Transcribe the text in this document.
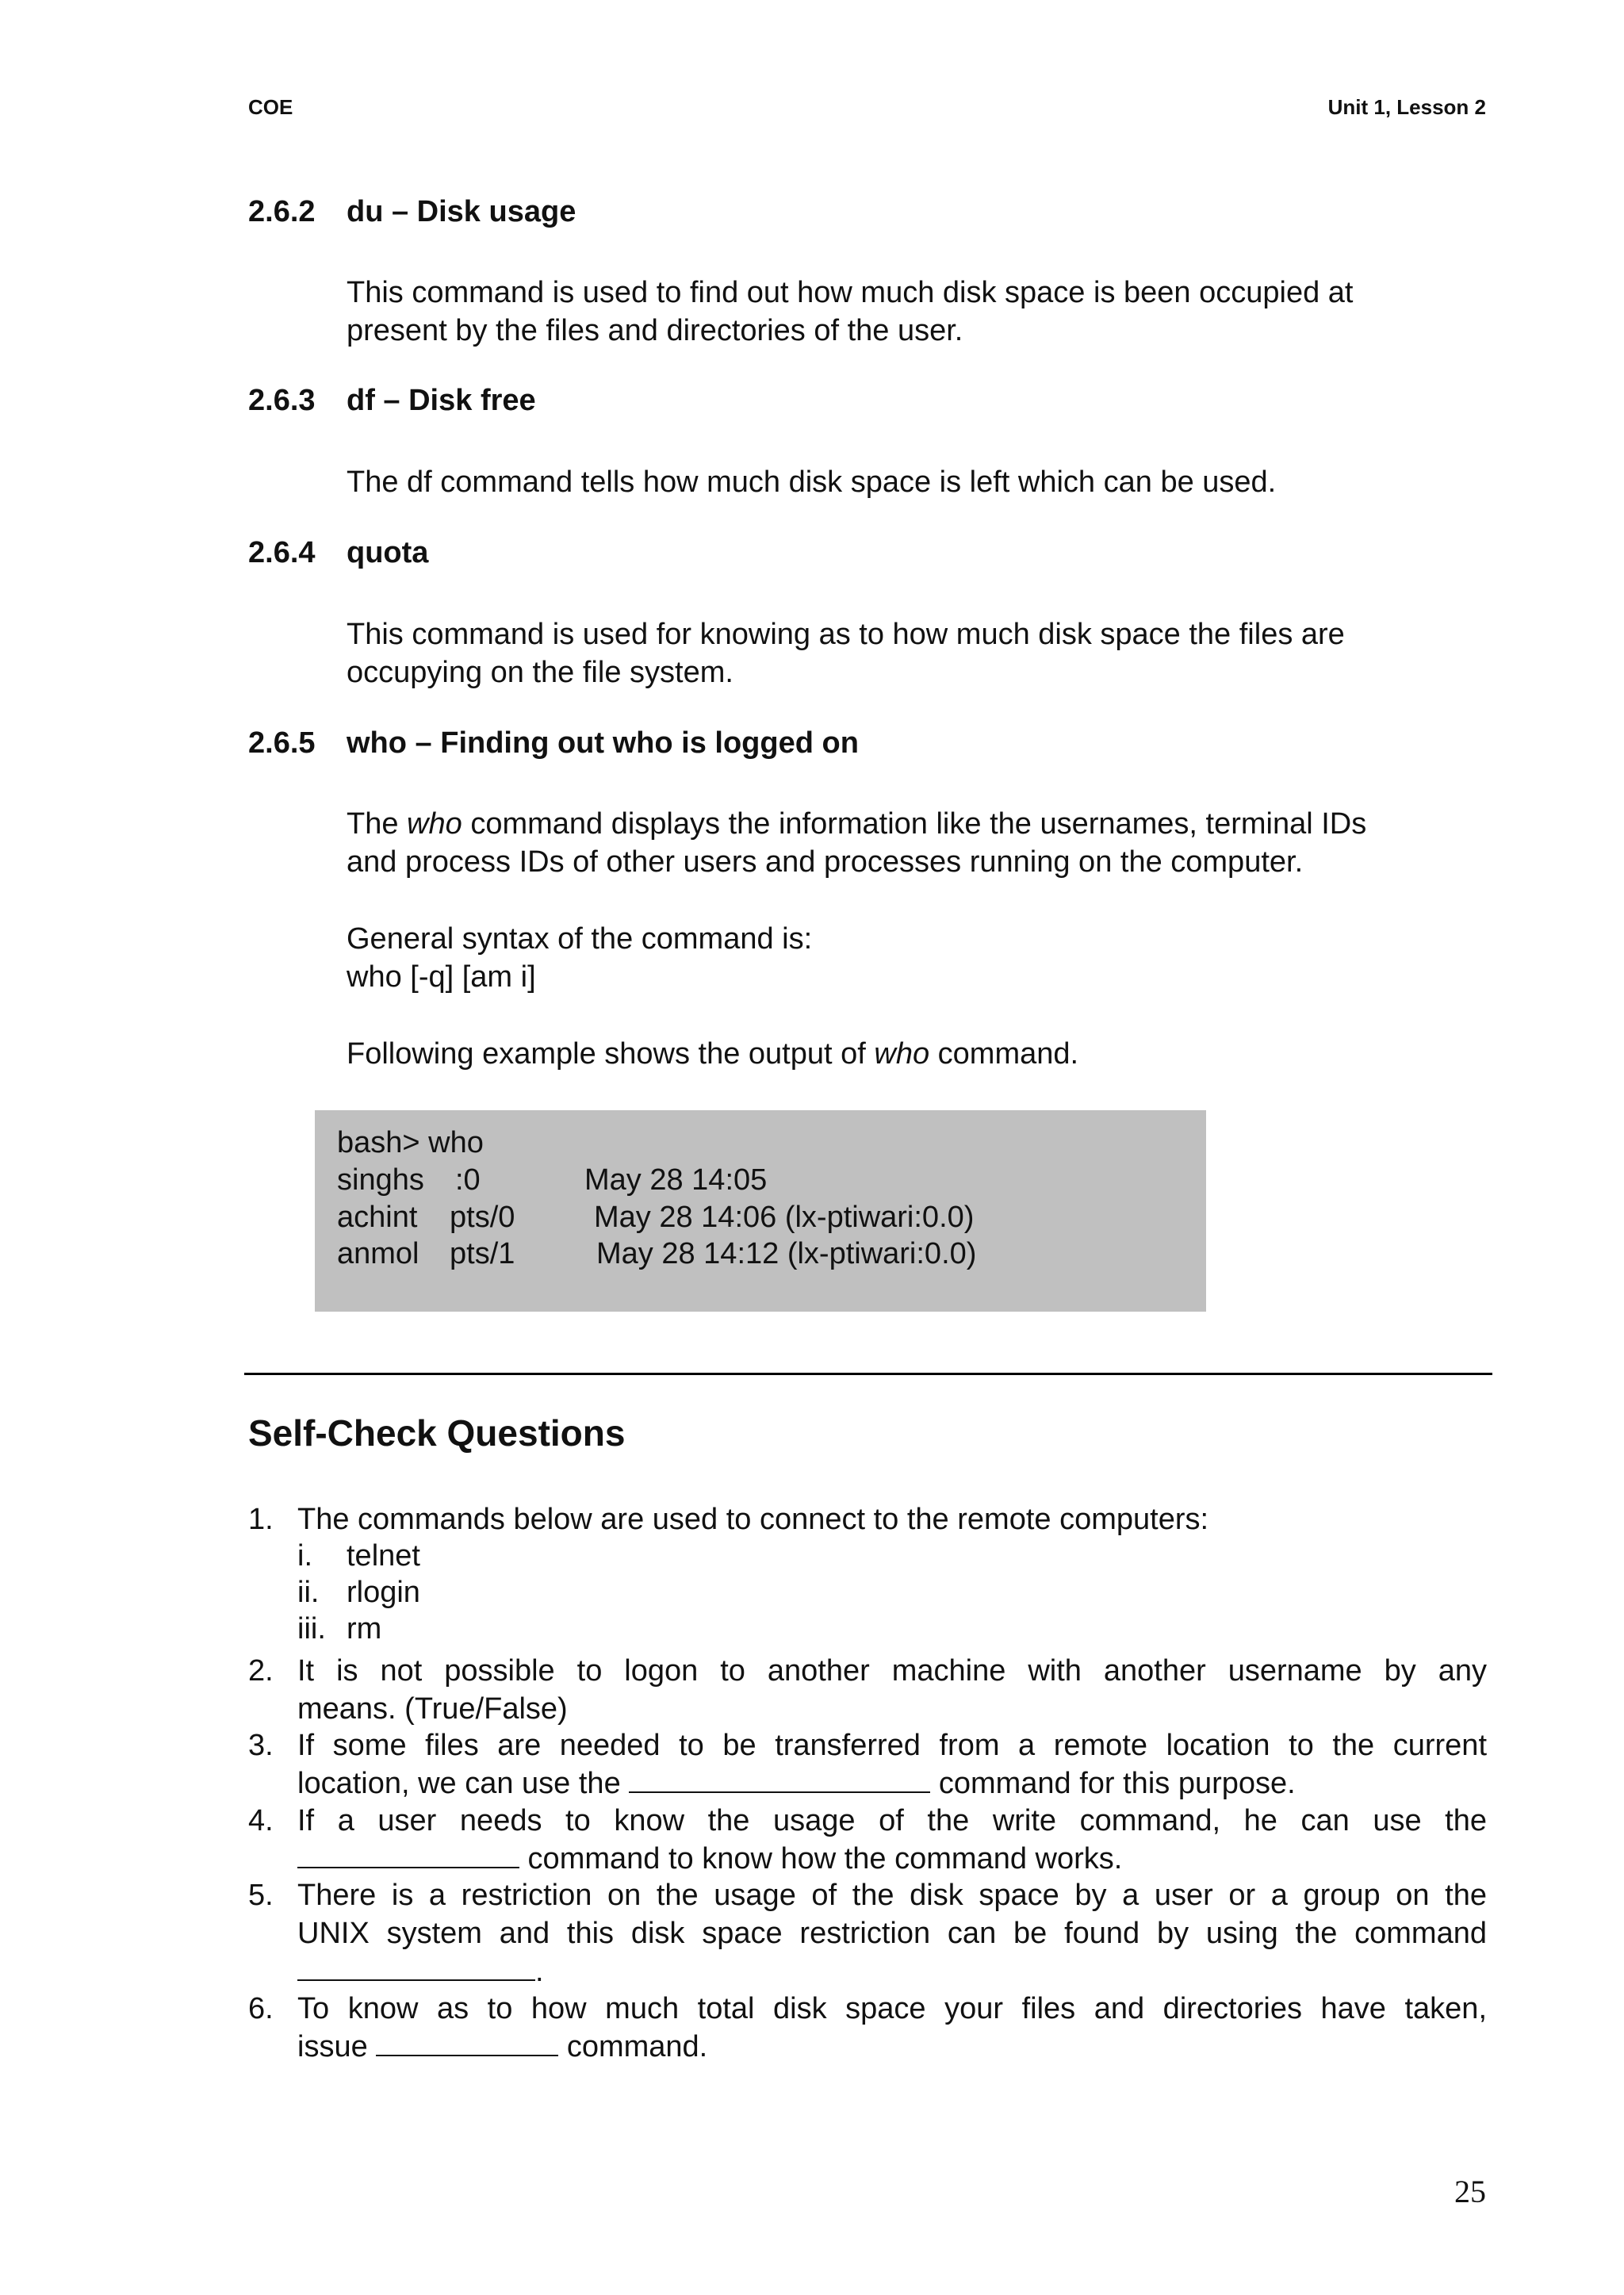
COE	Unit 1, Lesson 2
2.6.2 du – Disk usage
This command is used to find out how much disk space is been occupied at
present by the files and directories of the user.
2.6.3 df – Disk free
The df command tells how much disk space is left which can be used.
2.6.4 quota
This command is used for knowing as to how much disk space the files are
occupying on the file system.
2.6.5 who – Finding out who is logged on
The who command displays the information like the usernames, terminal IDs
and process IDs of other users and processes running on the computer.
General syntax of the command is:
who [-q] [am i]
Following example shows the output of who command.
bash> who
singhs :0	May 28 14:05
achint pts/0	May 28 14:06 (lx-ptiwari:0.0)
anmol pts/1	May 28 14:12 (lx-ptiwari:0.0)
Self-Check Questions
1. The commands below are used to connect to the remote computers:
i. telnet
ii. rlogin
iii. rm
2. It is not possible to logon to another machine with another username by any
means. (True/False)
3. If some files are needed to be transferred from a remote location to the current
location, we can use the	command for this purpose.
4. If a user needs to know the usage of the write command, he can use the
command to know how the command works.
5. There is a restriction on the usage of the disk space by a user or a group on the
UNIX system and this disk space restriction can be found by using the command
.
6. To know as to how much total disk space your files and directories have taken,
issue	command.
25
